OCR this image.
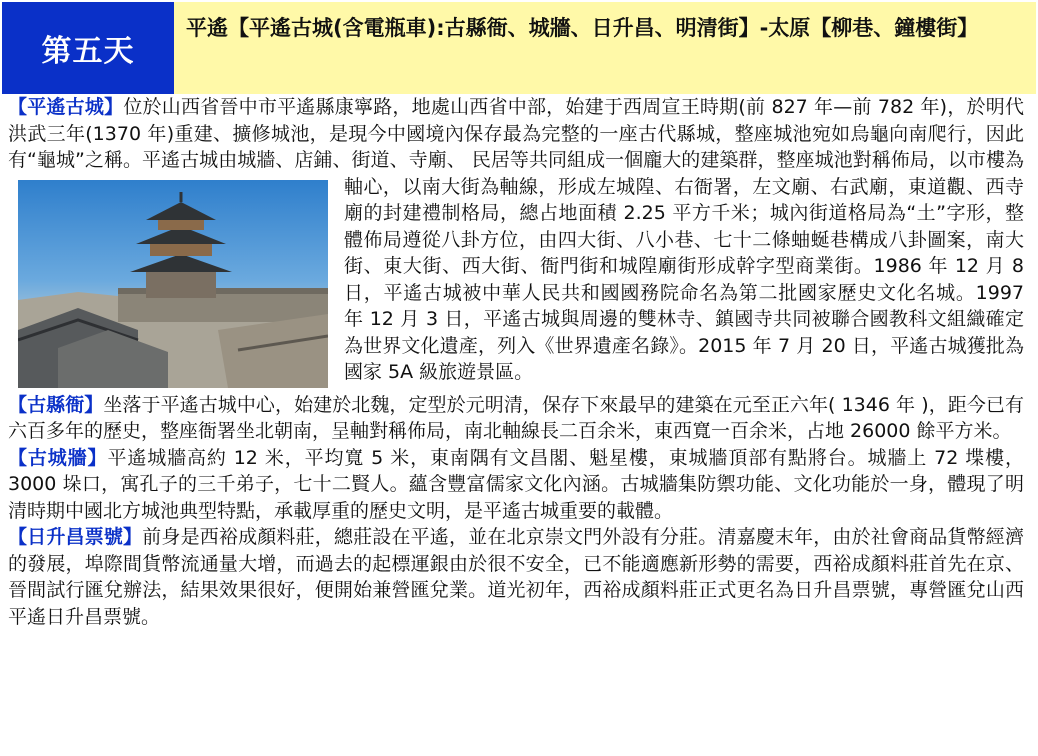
第五天
平遙【平遙古城(含電瓶車):古縣衙、城牆、日升昌、明清街】-太原【柳巷、鐘樓街】

【平遙古城】位於山西省晉中市平遙縣康寧路，地處山西省中部，始建于西周宣王時期(前 827 年—前 782 年)，於明代洪武三年(1370 年)重建、擴修城池，是現今中國境內保存最為完整的一座古代縣城，整座城池宛如烏龜向南爬行，因此有“龜城”之稱。平遙古城由城牆、店鋪、街道、寺廟、 民居等共同組成一個龐大的建築群，整座城池對稱佈局，以市樓為軸心，以南大街為軸線，形成左城隍、右衙
署，左文廟、右武廟，東道觀、西寺廟的封建禮制格局，總占地面積 2.25 平方千米；城內街道格局為“土”字形，整體佈局遵從八卦方位，由四大街、八小巷、七十二條蚰蜒巷構成八卦圖案，南大街、東大街、西大街、衙門街和城隍廟街形成幹字型商業街。1986 年 12 月 8 日，平遙古城被中華人民共和國國務院命名為第二批國家歷史文化名城。1997 年 12 月 3 日，平遙古城與周邊的雙林寺、鎮國寺共同被聯合國教科文組織確定為世界文化遺產，列入《世界遺產名錄》。2015 年 7 月 20 日，平遙古城獲批為國家 5A 級旅遊景區。

【古縣衙】坐落于平遙古城中心，始建於北魏，定型於元明清，保存下來最早的建築在元至正六年( 1346 年 )，距今已有六百多年的歷史，整座衙署坐北朝南，呈軸對稱佈局，南北軸線長二百余米，東西寬一百余米，占地 26000 餘平方米。

【古城牆】平遙城牆高約 12 米，平均寬 5 米，東南隅有文昌閣、魁星樓，東城牆頂部有點將台。城牆上 72 堞樓，3000 垛口，寓孔子的三千弟子，七十二賢人。蘊含豐富儒家文化內涵。古城牆集防禦功能、文化功能於一身，體現了明清時期中國北方城池典型特點，承載厚重的歷史文明，是平遙古城重要的載體。

【日升昌票號】前身是西裕成顏料莊，總莊設在平遙，並在北京崇文門外設有分莊。清嘉慶末年，由於社會商品貨幣經濟的發展，埠際間貨幣流通量大增，而過去的起標運銀由於很不安全，已不能適應新形勢的需要，西裕成顏料莊首先在京、晉間試行匯兌辦法，結果效果很好，便開始兼營匯兌業。道光初年，西裕成顏料莊正式更名為日升昌票號，專營匯兌山西平遙日升昌票號。
